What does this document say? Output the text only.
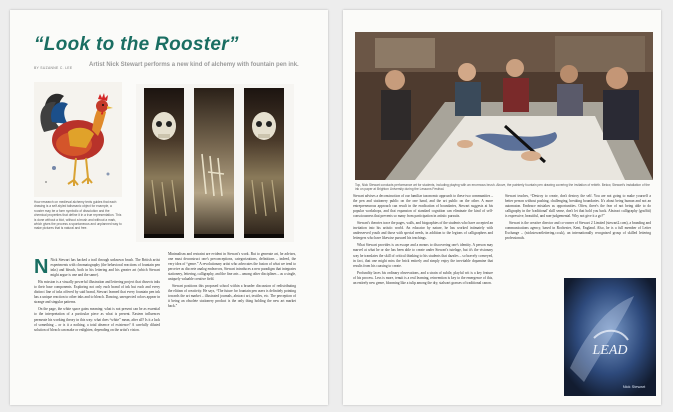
“Look to the Rooster”
BY SUZANNE C. LEE	Artist Nick Stewart performs a new kind of alchemy with fountain pen ink.
How research on medieval alchemy texts guides that each drawing is a self-styled talismanic object for example, a rooster may be a form symbolic of dissolution and the chemical properties that define it in a true representation. This is done without a blot, without a brush and without a mark, which gives the process a spontaneous and unplanned way to make pictures that is natural and free.
N Nick Stewart has backed a trail through unknown brush. The British artist experiments with chromatography (the behavioral reactions of fountain pen inks) and bleach, both in his lettering and his greater art (which Stewart might argue is one and the same).

His mission is a visually powerful illustration and lettering project that dissects inks to their base components. Exploring not only each brand of ink but each and every distinct line of inks offered by said brand, Stewart learned that every fountain pen ink has a unique reaction to other inks and to bleach. Dancing, unexpected colors appear in strange and singular patterns.

On the page, the white space gains meaning: what is not present can be as essential to the interpretation of a particular piece as what is present. Eastern influences permeate his working theory in this way: what does “white” mean, after all? Is it a lack of something – or is it a nothing, a total absence of existence? A carefully diluted solution of bleach can make or enlighten, depending on the artist's vision.

Minimalism and restraint are evident in Stewart's work. But to generate art, he advises, one must deconstruct one's preconceptions, categorizations, definitions – indeed, the very idea of “genre.” A revolutionary artist who advocates the fusion of what we tend to perceive as discrete analog endeavors, Stewart introduces a new paradigm that integrates stationery, lettering, calligraphy, and the fine arts – among other disciplines – as a single, uniquely valuable creative field.

Stewart positions this proposed school within a broader discussion of redistributing the elitism of creativity. He says, “The future for fountain pen users is definitely pointing towards the art market – illustrated journals, abstract art, textiles, etc. The perception of it being an obsolete stationery product is the only thing holding the new art market back.”

Top, Nick Stewart conducts performance art for students, including playing with an enormous brush. Above, the painterly fountain pen drawing covering the invitation of rebirth. Below, Stewart's installation of the ink on paper at Brighton University during the Lessons Festival.

Stewart advises a deconstruction of our familiar taxonomic approach to these two communities – the pen and stationery public on the one hand, and the art public on the other. A more entrepreneurous approach can result in the eradication of boundaries, Stewart suggests at his popular workshops, and that expansion of standard cognition can eliminate the kind of self-consciousness that prevents so many from participation in artistic pursuits.

Stewart's theories trace the pages, walls, and biographies of the students who have accepted an invitation into his artistic world. An educator by nature, he has worked intimately with underserved youth and those with special needs, in addition to the legions of calligraphers and lettergers who have likewise pursued his teachings.

What Stewart provides is an escape and a means to discovering one's identity. A person may marvel at what he or she has been able to create under Stewart's tutelage, but it's the visionary way he translates the skill of critical thinking to his students that dazzles – so bravely conveyed, in fact, that one might miss the brick entirely and simply enjoy the inevitable dopamine that results from his coaxing to create.

Profundity laces his ordinary observations, and a strain of subtle, playful wit is a key feature of his process. Less is more, tenuit is a real learning, reinvention is key to the emergence of this, an entirely new genre, blooming like a tulip among the dry, stalwart grasses of traditional canon.

Stewart teaches, “Destroy to create, don't destroy the self. You are not going to make yourself a better person without pushing, challenging, breaking boundaries. It's about being human and not an automaton. Embrace mistakes as opportunities. Often, there's the fear of not being able to do calligraphy in the 'traditional' skill sense, don't let that hold you back. Abstract calligraphy (graffiti) is expressive, beautiful, and non-judgemental. Why not give it a go?”

Stewart is the creative director and co-owner of Stewart 2 Limited (stewart2.com), a branding and communications agency, based in Rochester, Kent, England. Also, he is a full member of Letter Exchange – (nickstewartlettering.co.uk), an internationally recognized group of skilled lettering professionals.

LEAD
Nick Stewart
